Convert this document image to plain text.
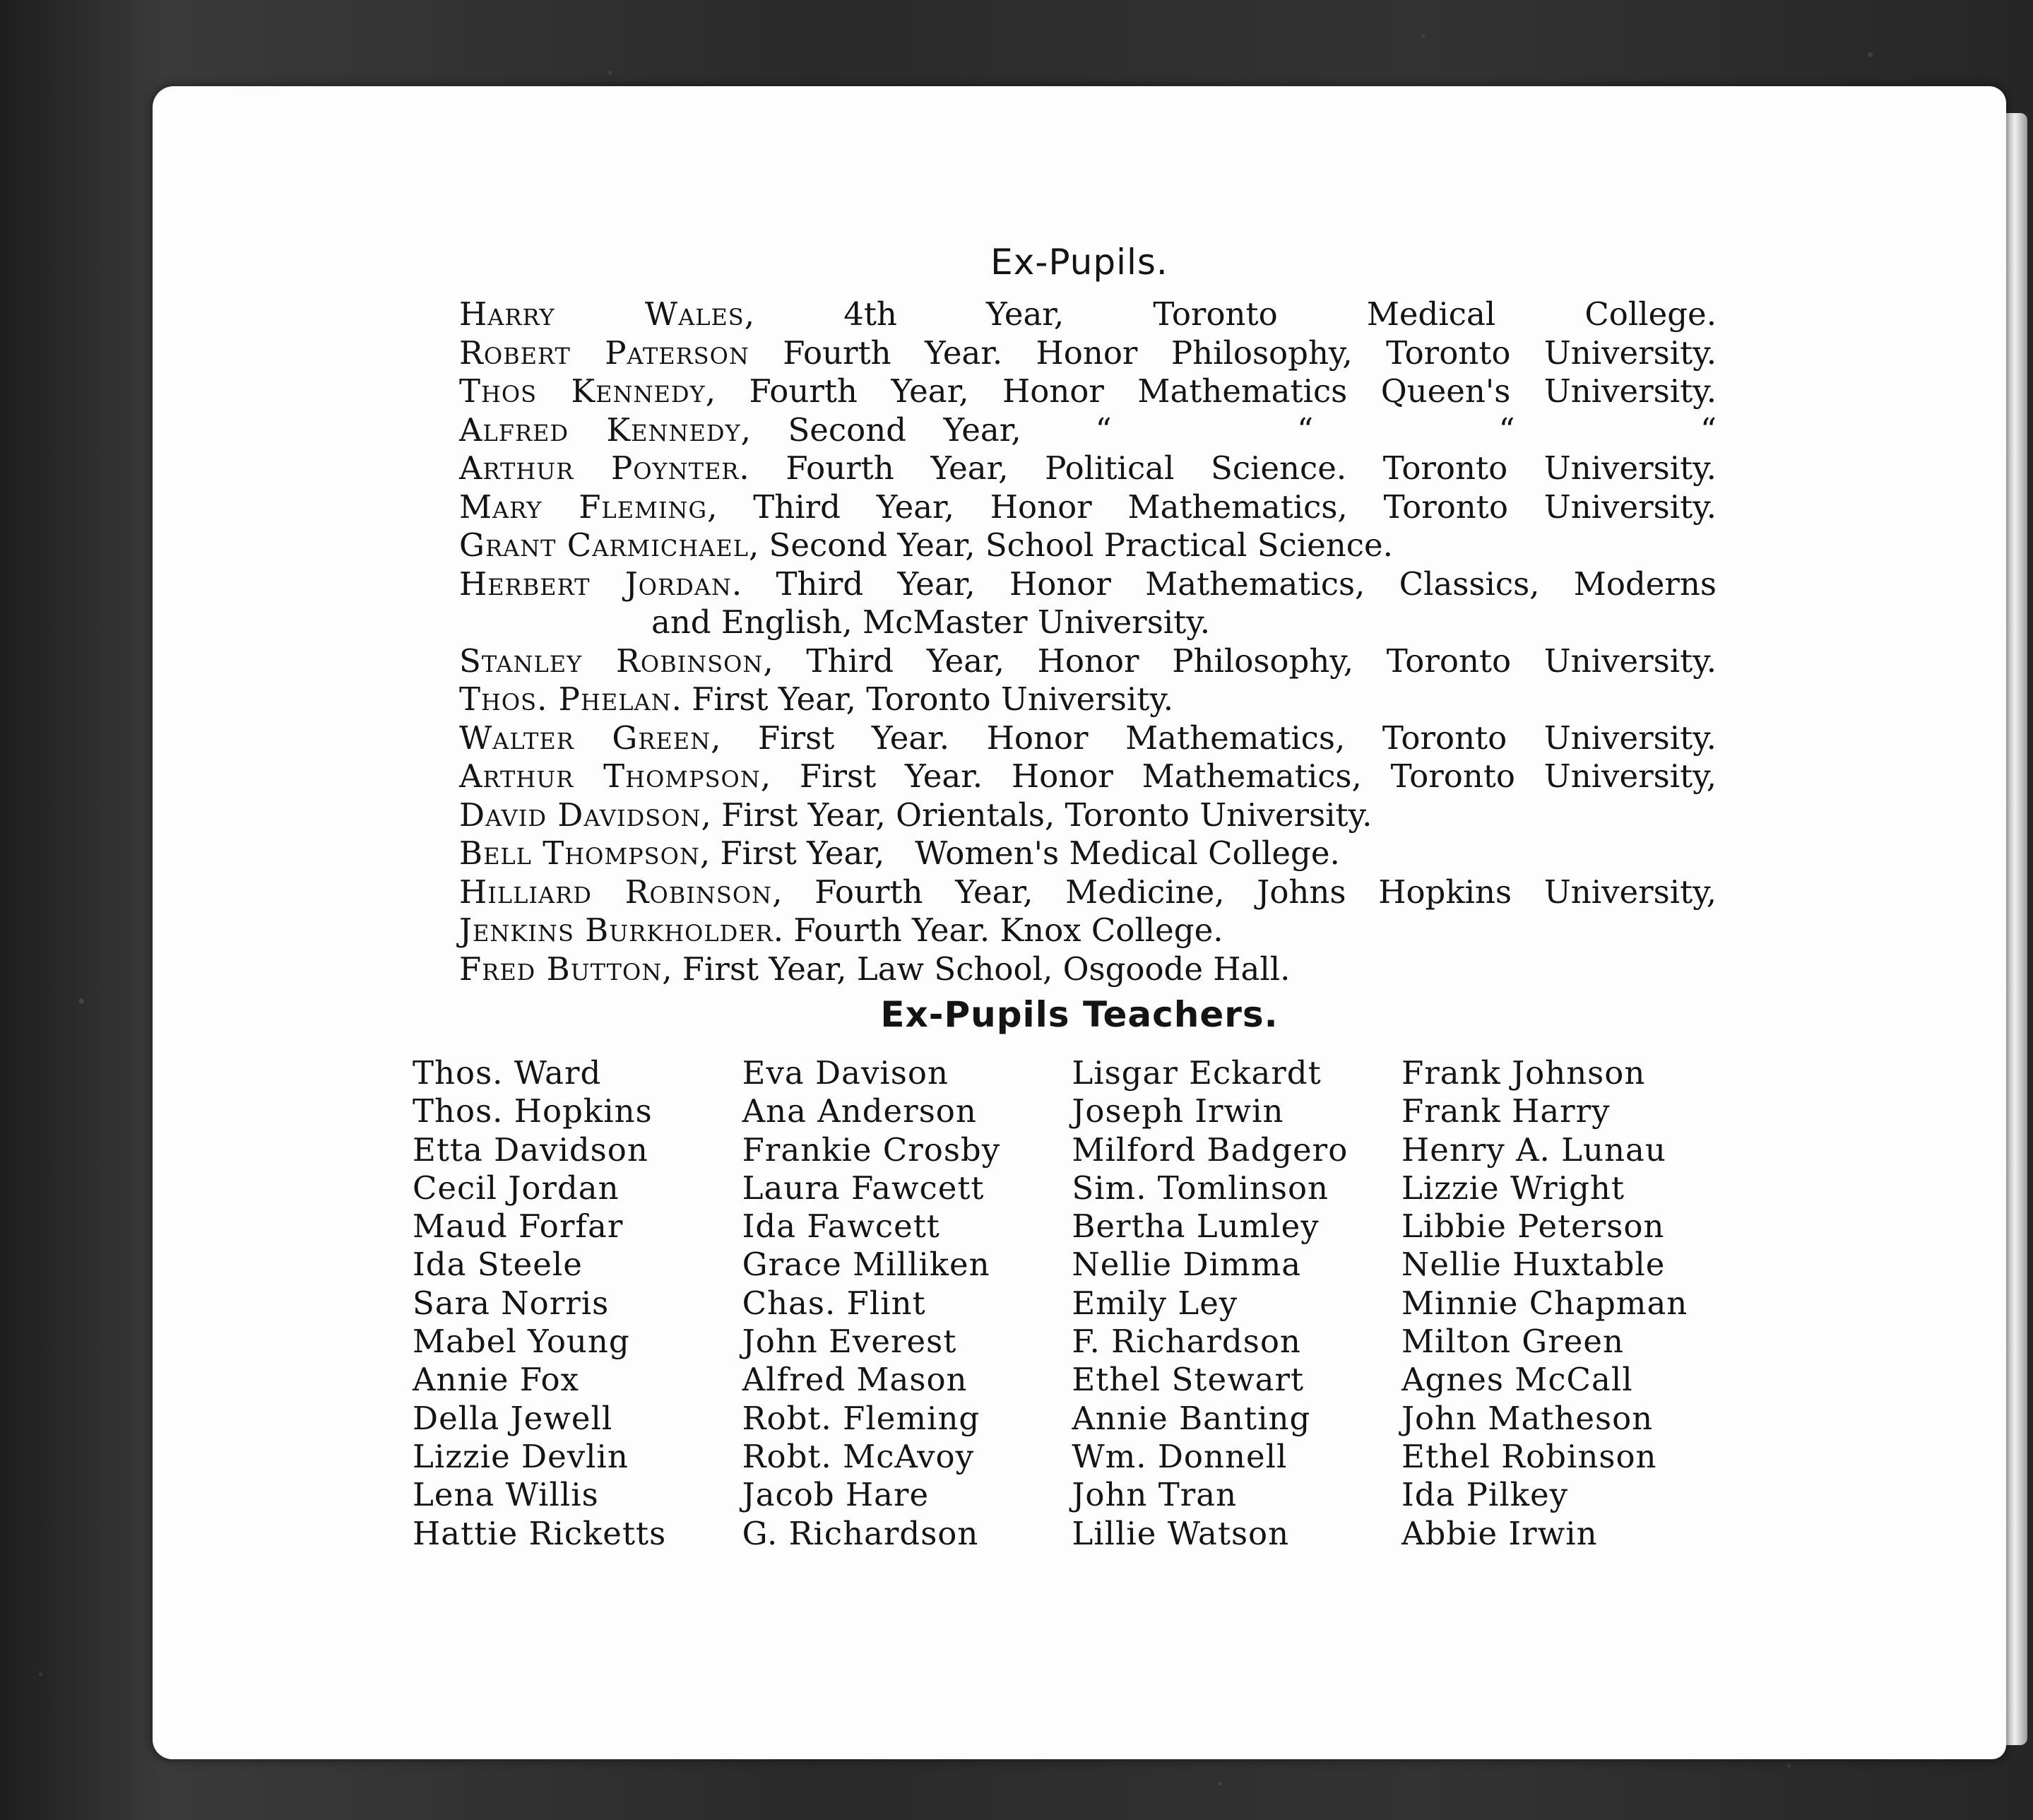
Ex-Pupils.
Harry Wales, 4th Year, Toronto Medical College.
Robert Paterson Fourth Year. Honor Philosophy, Toronto University.
Thos Kennedy, Fourth Year, Honor Mathematics Queen's University.
Alfred Kennedy, Second Year,  “     “     “     “
Arthur Poynter. Fourth Year, Political Science. Toronto University.
Mary Fleming, Third Year, Honor Mathematics, Toronto University.
Grant Carmichael, Second Year, School Practical Science.
Herbert Jordan. Third Year, Honor Mathematics, Classics, Moderns
and English, McMaster University.
Stanley Robinson, Third Year, Honor Philosophy, Toronto University.
Thos. Phelan. First Year, Toronto University.
Walter Green, First Year. Honor Mathematics, Toronto University.
Arthur Thompson, First Year. Honor Mathematics, Toronto University,
David Davidson, First Year, Orientals, Toronto University.
Bell Thompson, First Year,   Women's Medical College.
Hilliard Robinson, Fourth Year, Medicine, Johns Hopkins University,
Jenkins Burkholder. Fourth Year. Knox College.
Fred Button, First Year, Law School, Osgoode Hall.
Ex-Pupils Teachers.
Thos. Ward
Thos. Hopkins
Etta Davidson
Cecil Jordan
Maud Forfar
Ida Steele
Sara Norris
Mabel Young
Annie Fox
Della Jewell
Lizzie Devlin
Lena Willis
Hattie Ricketts
Eva Davison
Ana Anderson
Frankie Crosby
Laura Fawcett
Ida Fawcett
Grace Milliken
Chas. Flint
John Everest
Alfred Mason
Robt. Fleming
Robt. McAvoy
Jacob Hare
G. Richardson
Lisgar Eckardt
Joseph Irwin
Milford Badgero
Sim. Tomlinson
Bertha Lumley
Nellie Dimma
Emily Ley
F. Richardson
Ethel Stewart
Annie Banting
Wm. Donnell
John Tran
Lillie Watson
Frank Johnson
Frank Harry
Henry A. Lunau
Lizzie Wright
Libbie Peterson
Nellie Huxtable
Minnie Chapman
Milton Green
Agnes McCall
John Matheson
Ethel Robinson
Ida Pilkey
Abbie Irwin
